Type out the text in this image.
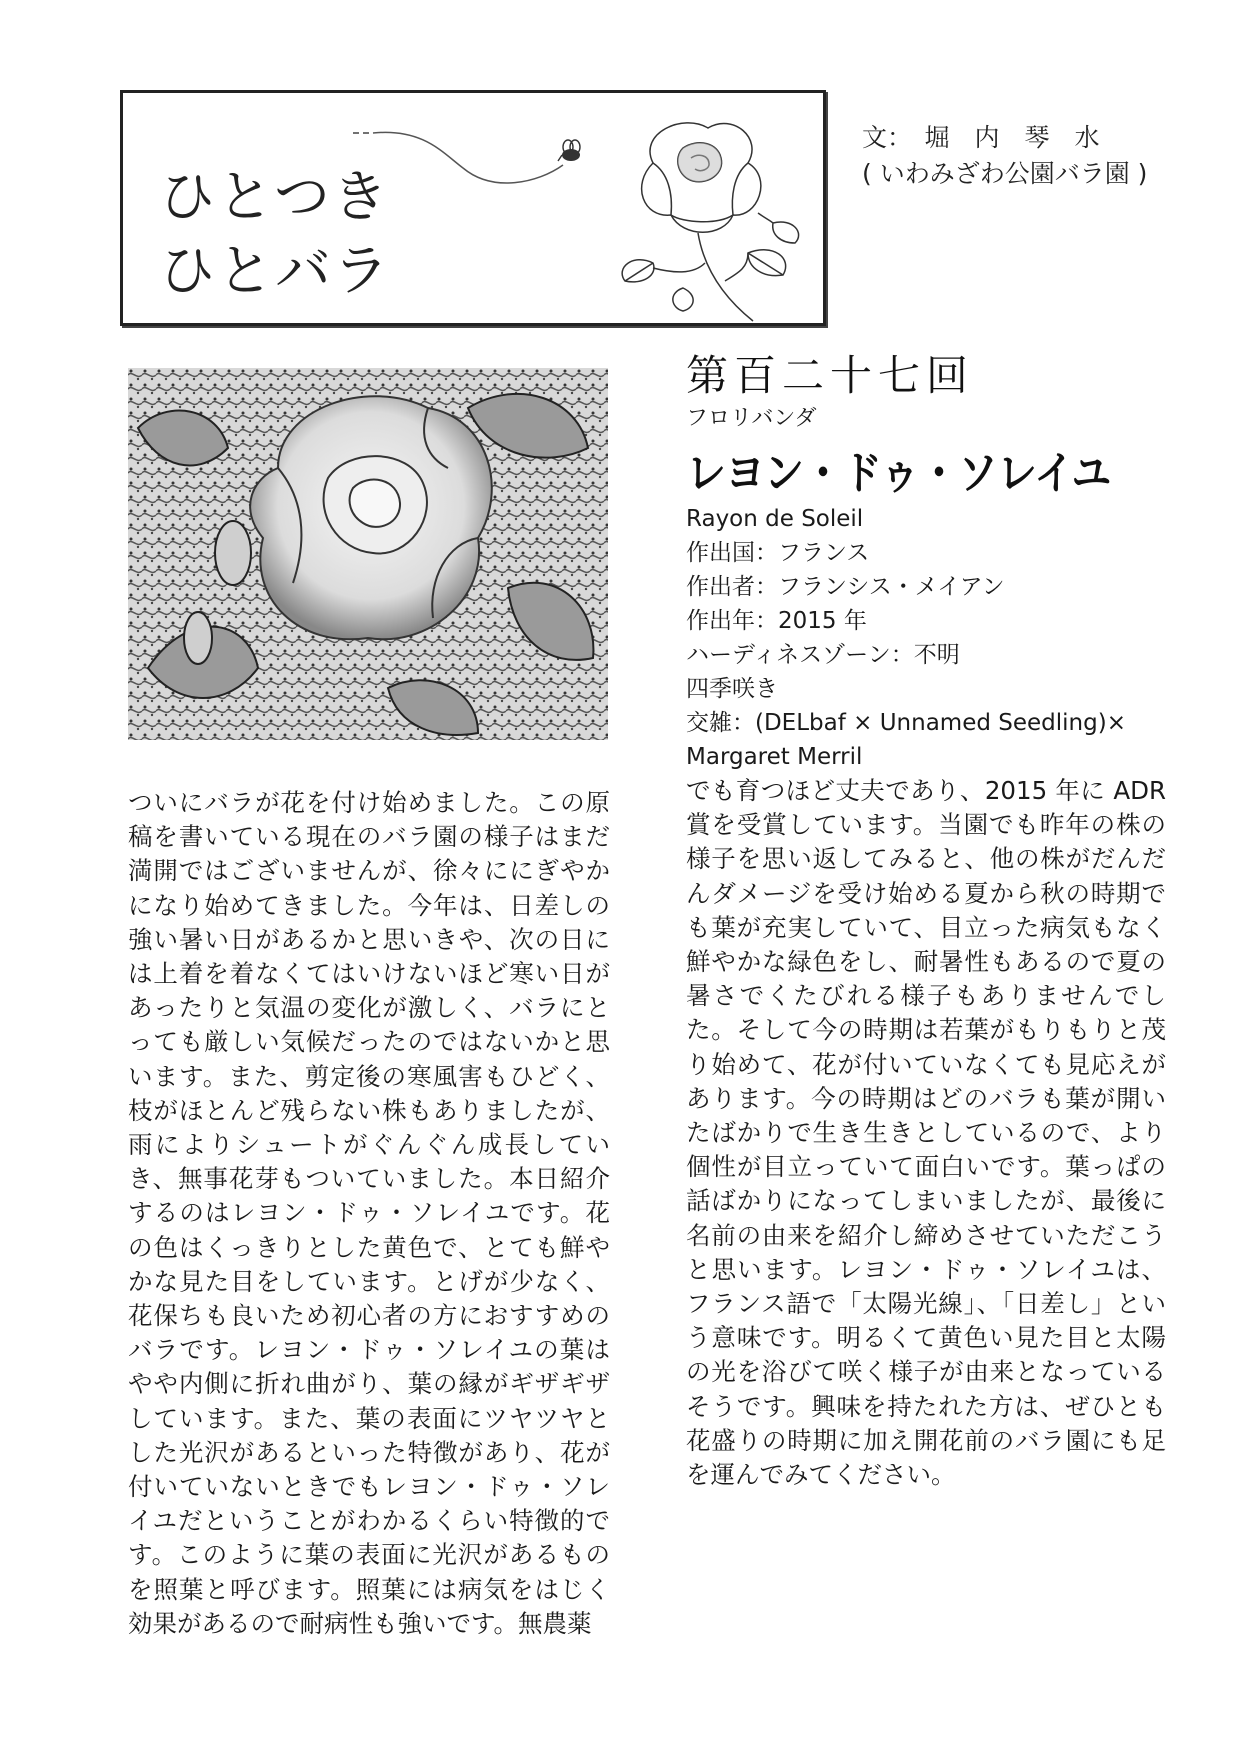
ひとつき
ひとバラ
文：　堀　内　琴　水
( いわみざわ公園バラ園 )

ついにバラが花を付け始めました。この原稿を書いている現在のバラ園の様子はまだ満開ではございませんが、徐々ににぎやかになり始めてきました。今年は、日差しの強い暑い日があるかと思いきや、次の日には上着を着なくてはいけないほど寒い日があったりと気温の変化が激しく、バラにとっても厳しい気候だったのではないかと思います。また、剪定後の寒風害もひどく、枝がほとんど残らない株もありましたが、雨によりシュートがぐんぐん成長していき、無事花芽もついていました。本日紹介するのはレヨン・ドゥ・ソレイユです。花の色はくっきりとした黄色で、とても鮮やかな見た目をしています。とげが少なく、花保ちも良いため初心者の方におすすめのバラです。レヨン・ドゥ・ソレイユの葉はやや内側に折れ曲がり、葉の縁がギザギザしています。また、葉の表面にツヤツヤとした光沢があるといった特徴があり、花が付いていないときでもレヨン・ドゥ・ソレイユだということがわかるくらい特徴的です。このように葉の表面に光沢があるものを照葉と呼びます。照葉には病気をはじく効果があるので耐病性も強いです。無農薬

第百二十七回
フロリバンダ
レヨン・ドゥ・ソレイユ
Rayon de Soleil
作出国：フランス
作出者：フランシス・メイアン
作出年：2015 年
ハーディネスゾーン：不明
四季咲き
交雑：(DELbaf × Unnamed Seedling)×
Margaret Merril

でも育つほど丈夫であり、2015 年に ADR 賞を受賞しています。当園でも昨年の株の様子を思い返してみると、他の株がだんだんダメージを受け始める夏から秋の時期でも葉が充実していて、目立った病気もなく鮮やかな緑色をし、耐暑性もあるので夏の暑さでくたびれる様子もありませんでした。そして今の時期は若葉がもりもりと茂り始めて、花が付いていなくても見応えがあります。今の時期はどのバラも葉が開いたばかりで生き生きとしているので、より個性が目立っていて面白いです。葉っぱの話ばかりになってしまいましたが、最後に名前の由来を紹介し締めさせていただこうと思います。レヨン・ドゥ・ソレイユは、フランス語で「太陽光線」、「日差し」という意味です。明るくて黄色い見た目と太陽の光を浴びて咲く様子が由来となっているそうです。興味を持たれた方は、ぜひとも花盛りの時期に加え開花前のバラ園にも足を運んでみてください。
